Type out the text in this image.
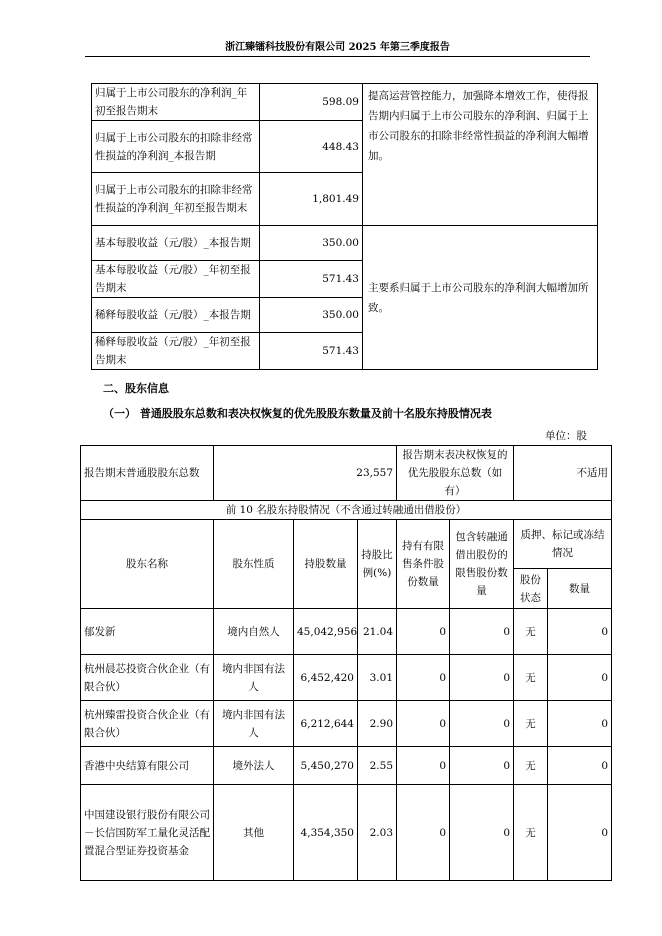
浙江臻镭科技股份有限公司 2025 年第三季度报告
归属于上市公司股东的净利润_年初至报告期末	598.09	提高运营管控能力，加强降本增效工作，使得报告期内归属于上市公司股东的净利润、归属于上市公司股东的扣除非经常性损益的净利润大幅增加。
归属于上市公司股东的扣除非经常性损益的净利润_本报告期	448.43	
归属于上市公司股东的扣除非经常性损益的净利润_年初至报告期末	1,801.49	
基本每股收益（元/股）_本报告期	350.00	主要系归属于上市公司股东的净利润大幅增加所致。
基本每股收益（元/股）_年初至报告期末	571.43	
稀释每股收益（元/股）_本报告期	350.00	
稀释每股收益（元/股）_年初至报告期末	571.43	
二、股东信息
（一） 普通股股东总数和表决权恢复的优先股股东数量及前十名股东持股情况表
单位：股
报告期末普通股股东总数	23,557			报告期末表决权恢复的优先股股东总数（如有）		不适用	
前 10 名股东持股情况（不含通过转融通出借股份）							
股东名称	股东性质	持股数量	持股比例(%)	持有有限售条件股份数量	包含转融通借出股份的限售股份数量	质押、标记或冻结情况	
						股份状态	数量
郁发新	境内自然人	45,042,956	21.04	0	0	无	0
杭州晨芯投资合伙企业（有限合伙）	境内非国有法人	6,452,420	3.01	0	0	无	0
杭州臻雷投资合伙企业（有限合伙）	境内非国有法人	6,212,644	2.90	0	0	无	0
香港中央结算有限公司	境外法人	5,450,270	2.55	0	0	无	0
中国建设银行股份有限公司－长信国防军工量化灵活配置混合型证券投资基金	其他	4,354,350	2.03	0	0	无	0
